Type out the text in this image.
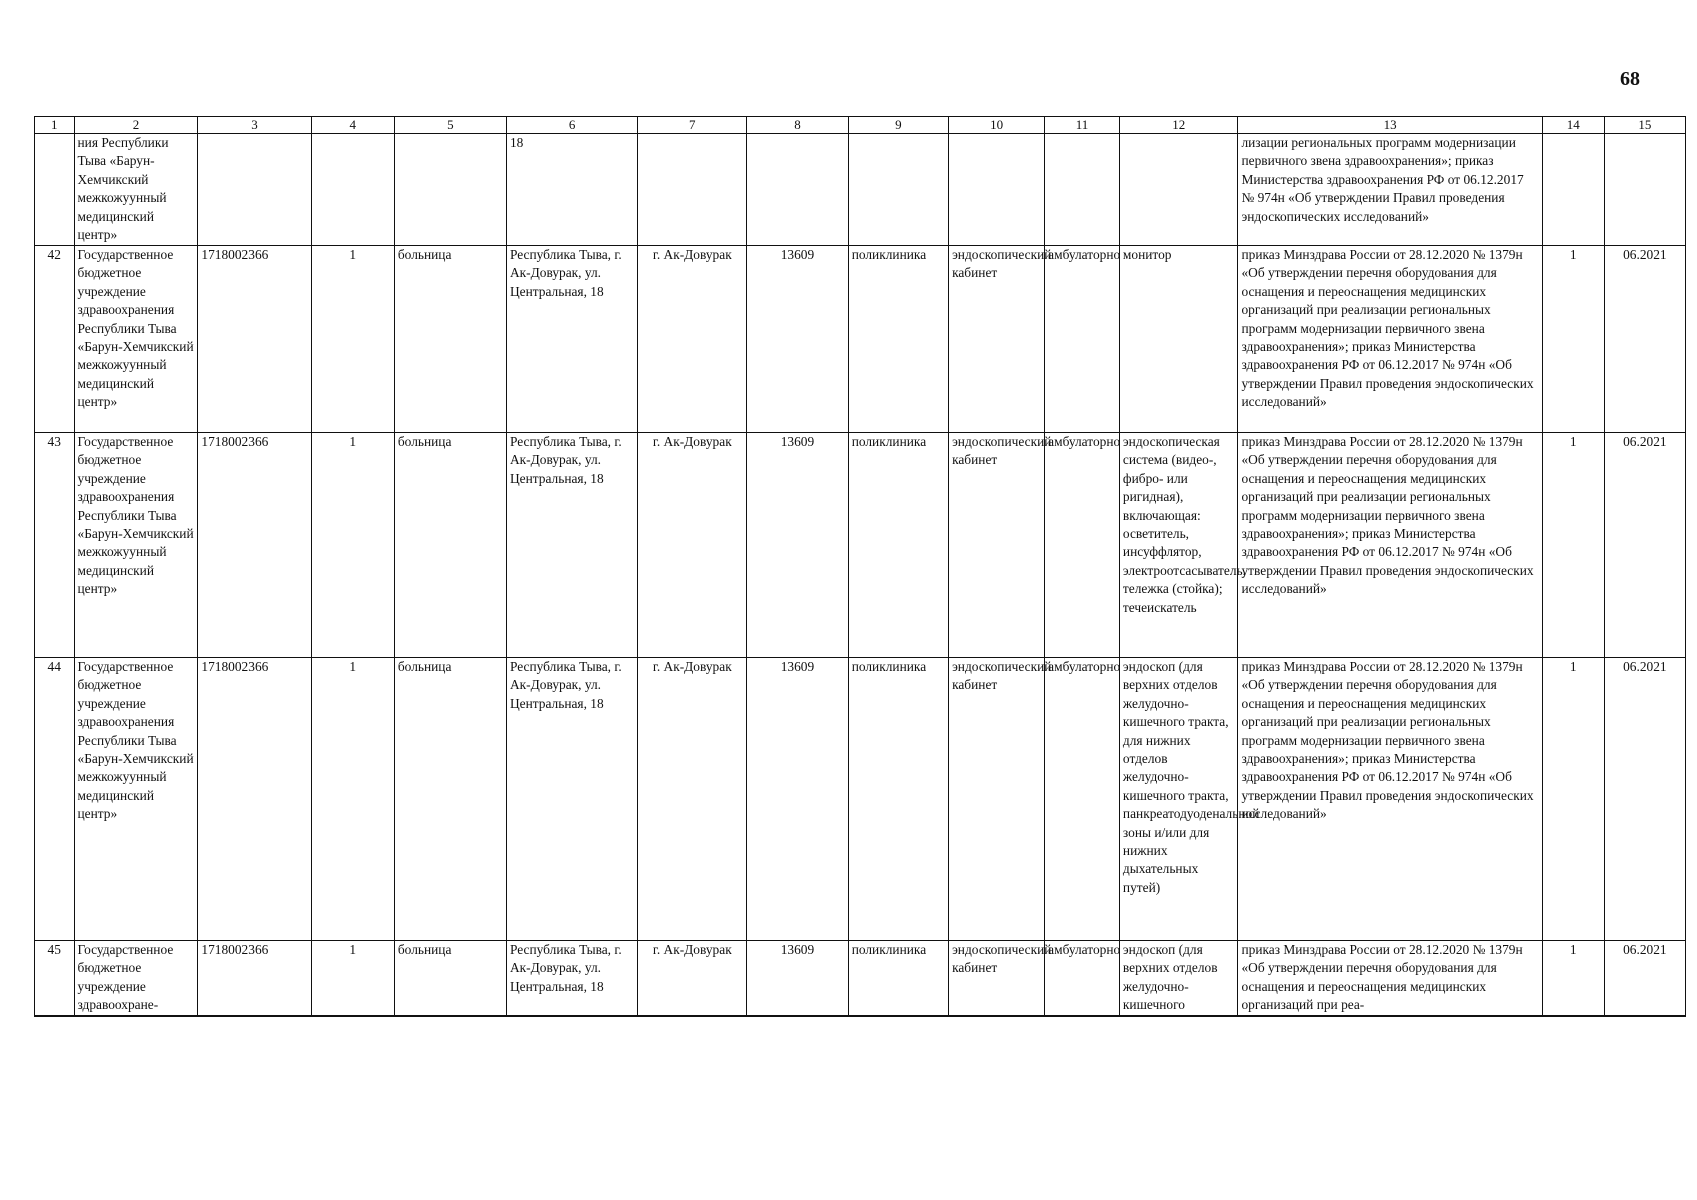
68
1	2	3	4	5	6	7	8	9	10	11	12	13	14	15
	ния Республики Тыва «Барун-Хемчикский межкожуунный медицинский центр»				18							лизации региональных программ модернизации первичного звена здравоохранения»; приказ Министерства здравоохранения РФ от 06.12.2017 № 974н «Об утверждении Правил проведения эндоскопических исследований»		
42	Государственное бюджетное учреждение здравоохранения Республики Тыва «Барун-Хемчикский межкожуунный медицинский центр»	1718002366	1	больница	Республика Тыва, г. Ак-Довурак, ул. Центральная, 18	г. Ак-Довурак	13609	поликлиника	эндоскопический кабинет	амбулаторно	монитор	приказ Минздрава России от 28.12.2020 № 1379н «Об утверждении перечня оборудования для оснащения и переоснащения медицинских организаций при реализации региональных программ модернизации первичного звена здравоохранения»; приказ Министерства здравоохранения РФ от 06.12.2017 № 974н «Об утверждении Правил проведения эндоскопических исследований»	1	06.2021
43	Государственное бюджетное учреждение здравоохранения Республики Тыва «Барун-Хемчикский межкожуунный медицинский центр»	1718002366	1	больница	Республика Тыва, г. Ак-Довурак, ул. Центральная, 18	г. Ак-Довурак	13609	поликлиника	эндоскопический кабинет	амбулаторно	эндоскопическая система (видео-, фибро- или ригидная), включающая: осветитель, инсуффлятор, электроотсасыватель, тележка (стойка); течеискатель	приказ Минздрава России от 28.12.2020 № 1379н «Об утверждении перечня оборудования для оснащения и переоснащения медицинских организаций при реализации региональных программ модернизации первичного звена здравоохранения»; приказ Министерства здравоохранения РФ от 06.12.2017 № 974н «Об утверждении Правил проведения эндоскопических исследований»	1	06.2021
44	Государственное бюджетное учреждение здравоохранения Республики Тыва «Барун-Хемчикский межкожуунный медицинский центр»	1718002366	1	больница	Республика Тыва, г. Ак-Довурак, ул. Центральная, 18	г. Ак-Довурак	13609	поликлиника	эндоскопический кабинет	амбулаторно	эндоскоп (для верхних отделов желудочно-кишечного тракта, для нижних отделов желудочно-кишечного тракта, панкреатодуоденальной зоны и/или для нижних дыхательных путей)	приказ Минздрава России от 28.12.2020 № 1379н «Об утверждении перечня оборудования для оснащения и переоснащения медицинских организаций при реализации региональных программ модернизации первичного звена здравоохранения»; приказ Министерства здравоохранения РФ от 06.12.2017 № 974н «Об утверждении Правил проведения эндоскопических исследований»	1	06.2021
45	Государственное бюджетное учреждение здравоохране-	1718002366	1	больница	Республика Тыва, г. Ак-Довурак, ул. Центральная, 18	г. Ак-Довурак	13609	поликлиника	эндоскопический кабинет	амбулаторно	эндоскоп (для верхних отделов желудочно-кишечного	приказ Минздрава России от 28.12.2020 № 1379н «Об утверждении перечня оборудования для оснащения и переоснащения медицинских организаций при реа-	1	06.2021
